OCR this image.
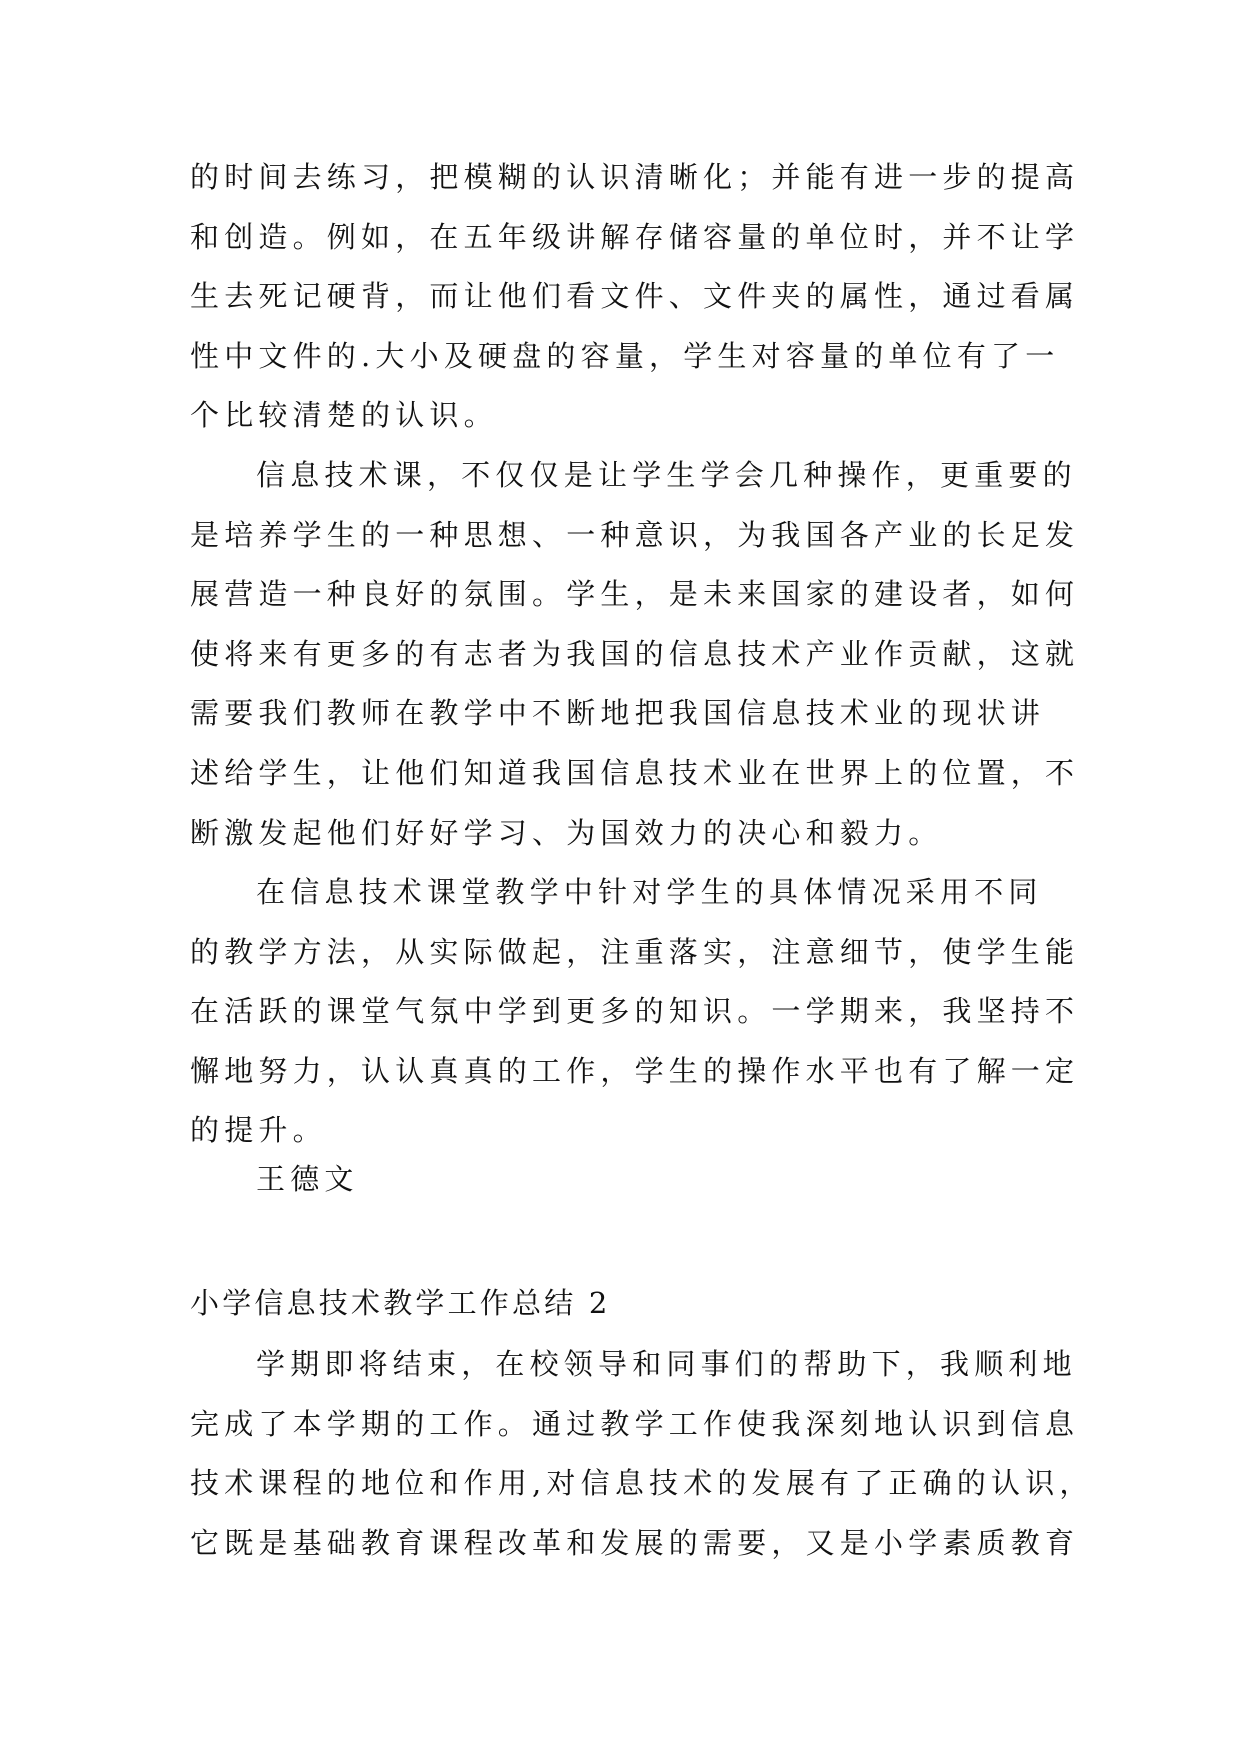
的时间去练习，把模糊的认识清晰化；并能有进一步的提高
和创造。例如，在五年级讲解存储容量的单位时，并不让学
生去死记硬背，而让他们看文件、文件夹的属性，通过看属
性中文件的.大小及硬盘的容量，学生对容量的单位有了一
个比较清楚的认识。
信息技术课，不仅仅是让学生学会几种操作，更重要的
是培养学生的一种思想、一种意识，为我国各产业的长足发
展营造一种良好的氛围。学生，是未来国家的建设者，如何
使将来有更多的有志者为我国的信息技术产业作贡献，这就
需要我们教师在教学中不断地把我国信息技术业的现状讲
述给学生，让他们知道我国信息技术业在世界上的位置，不
断激发起他们好好学习、为国效力的决心和毅力。
在信息技术课堂教学中针对学生的具体情况采用不同
的教学方法，从实际做起，注重落实，注意细节，使学生能
在活跃的课堂气氛中学到更多的知识。一学期来，我坚持不
懈地努力，认认真真的工作，学生的操作水平也有了解一定
的提升。
王德文
小学信息技术教学工作总结 2
学期即将结束，在校领导和同事们的帮助下，我顺利地
完成了本学期的工作。通过教学工作使我深刻地认识到信息
技术课程的地位和作用,对信息技术的发展有了正确的认识，
它既是基础教育课程改革和发展的需要，又是小学素质教育
